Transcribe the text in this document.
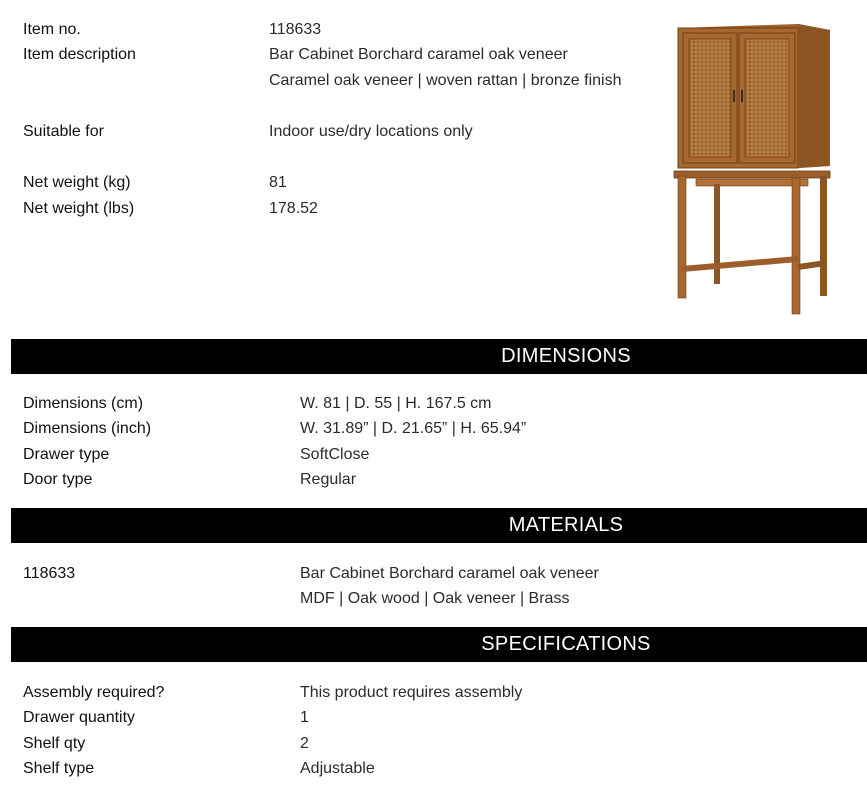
Item no.	118633
Item description	Bar Cabinet Borchard caramel oak veneer
Caramel oak veneer | woven rattan | bronze finish
Suitable for	Indoor use/dry locations only
Net weight (kg)	81
Net weight (lbs)	178.52
DIMENSIONS
Dimensions (cm)	W. 81 | D. 55 | H. 167.5 cm
Dimensions (inch)	W. 31.89” | D. 21.65” | H. 65.94”
Drawer type	SoftClose
Door type	Regular
MATERIALS
118633	Bar Cabinet Borchard caramel oak veneer
MDF | Oak wood | Oak veneer | Brass
SPECIFICATIONS
Assembly required?	This product requires assembly
Drawer quantity	1
Shelf qty	2
Shelf type	Adjustable
